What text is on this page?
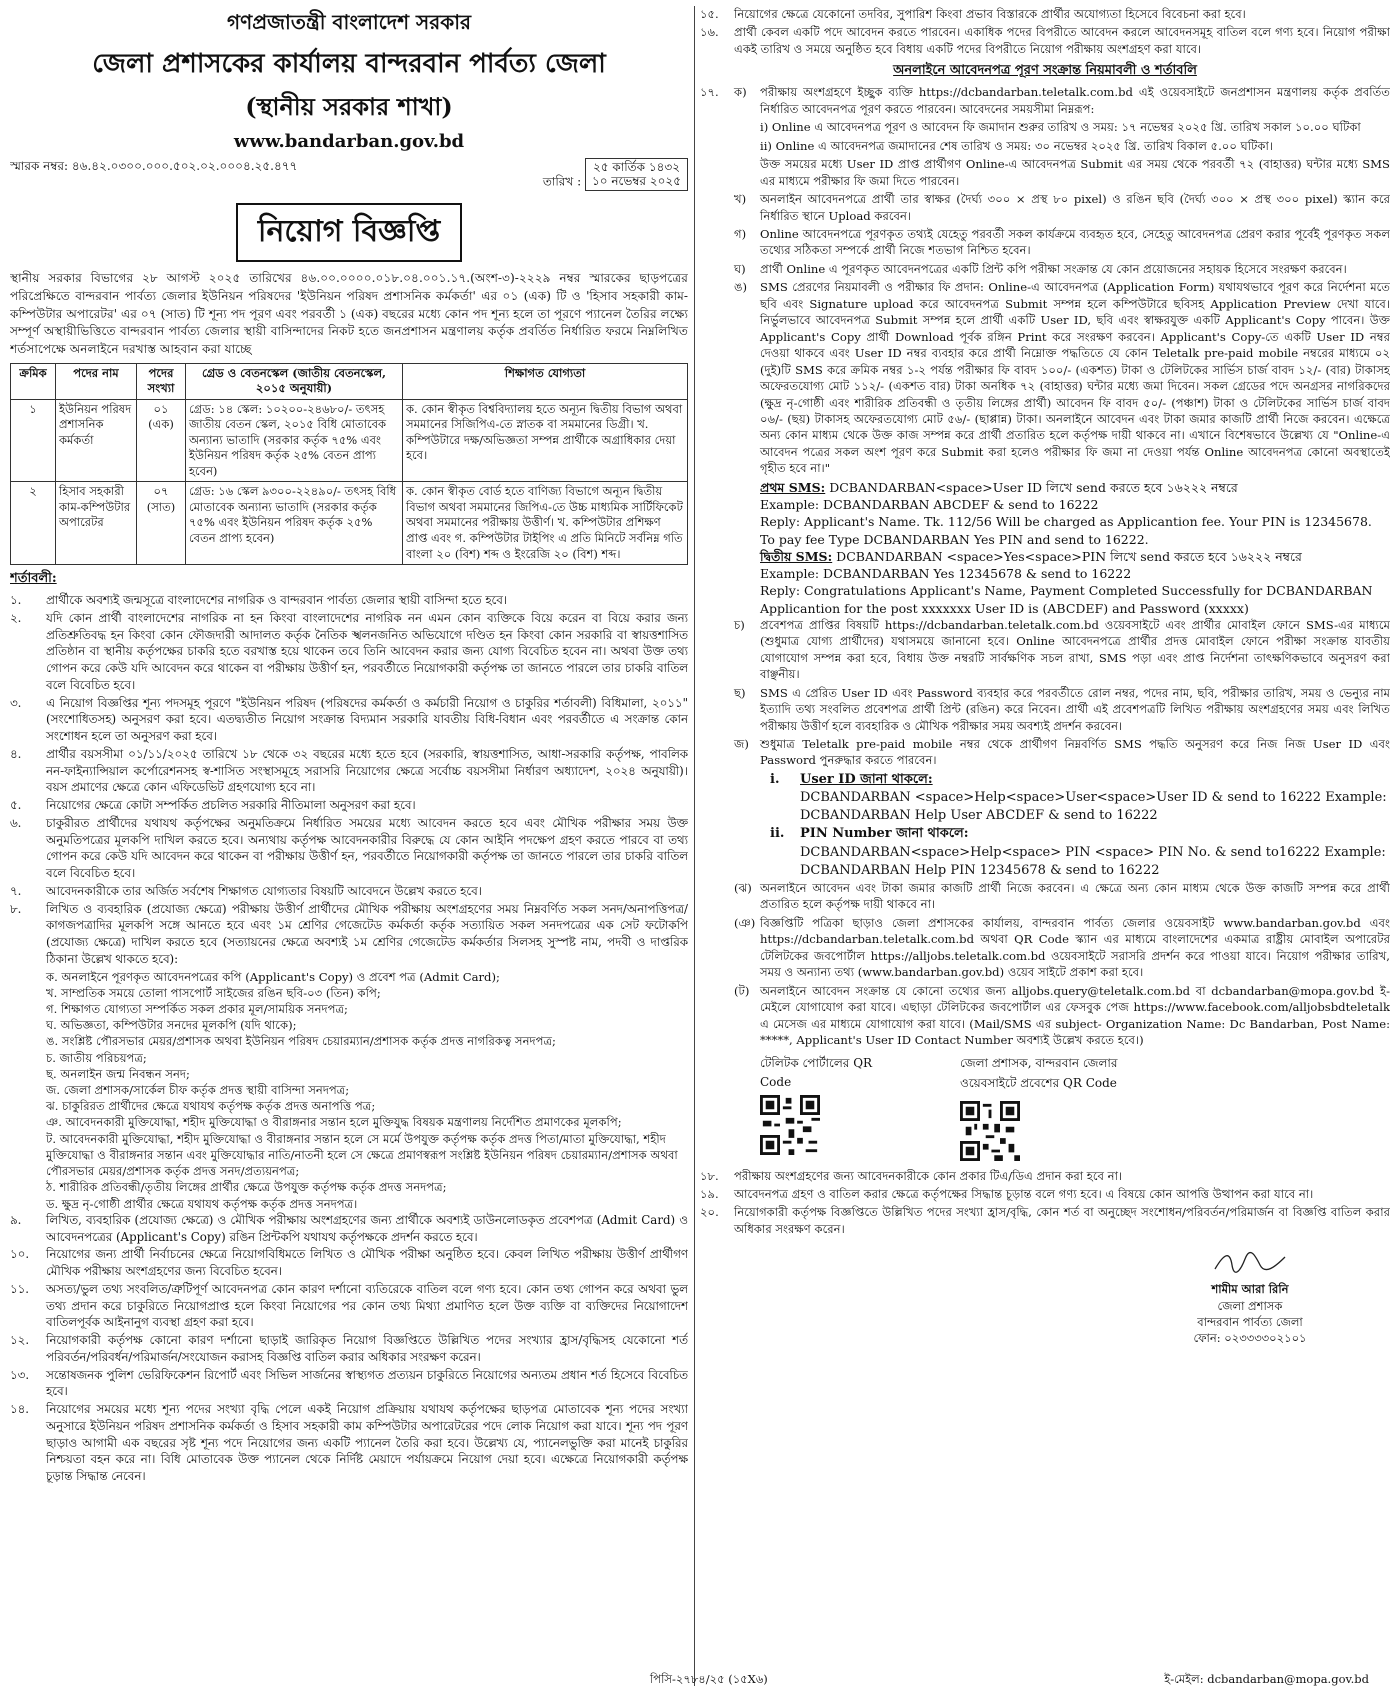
গণপ্রজাতন্ত্রী বাংলাদেশ সরকার
জেলা প্রশাসকের কার্যালয় বান্দরবান পার্বত্য জেলা
(স্থানীয় সরকার শাখা)
www.bandarban.gov.bd
স্মারক নম্বর: ৪৬.৪২.০৩০০.০০০.৫০২.০২.০০০৪.২৫.৪৭৭
তারিখ : ২৫ কার্তিক ১৪৩২
১০ নভেম্বর ২০২৫
নিয়োগ বিজ্ঞপ্তি

স্থানীয় সরকার বিভাগের ২৮ আগস্ট ২০২৫ তারিখের ৪৬.০০.০০০০.০১৮.০৪.০০১.১৭.(অংশ-৩)-২২২৯ নম্বর স্মারকের ছাড়পত্রের পরিপ্রেক্ষিতে বান্দরবান পার্বত্য জেলার ইউনিয়ন পরিষদের 'ইউনিয়ন পরিষদ প্রশাসনিক কর্মকর্তা' এর ০১ (এক) টি ও 'হিসাব সহকারী কাম-কম্পিউটার অপারেটর' এর ০৭ (সাত) টি শূন্য পদ পূরণ এবং পরবর্তী ১ (এক) বছরের মধ্যে কোন পদ শূন্য হলে তা পূরণে প্যানেল তৈরির লক্ষ্যে সম্পূর্ণ অস্থায়ীভিত্তিতে বান্দরবান পার্বত্য জেলার স্থায়ী বাসিন্দাদের নিকট হতে জনপ্রশাসন মন্ত্রণালয় কর্তৃক প্রবর্তিত নির্ধারিত ফরমে নিম্নলিখিত শর্তসাপেক্ষে অনলাইনে দরখাস্ত আহবান করা যাচ্ছে

ক্রমিক	পদের নাম	পদের সংখ্যা	গ্রেড ও বেতনস্কেল (জাতীয় বেতনস্কেল, ২০১৫ অনুযায়ী)	শিক্ষাগত যোগ্যতা
১	ইউনিয়ন পরিষদ প্রশাসনিক কর্মকর্তা	০১ (এক)	গ্রেড: ১৪ স্কেল: ১০২০০-২৪৬৮০/- তৎসহ জাতীয় বেতন স্কেল, ২০১৫ বিধি মোতাবেক অন্যান্য ভাতাদি (সরকার কর্তৃক ৭৫% এবং ইউনিয়ন পরিষদ কর্তৃক ২৫% বেতন প্রাপ্য হবেন)	ক. কোন স্বীকৃত বিশ্ববিদ্যালয় হতে অন্যূন দ্বিতীয় বিভাগ অথবা সমমানের সিজিপিএ-তে স্নাতক বা সমমানের ডিগ্রী। খ. কম্পিউটারে দক্ষ/অভিজ্ঞতা সম্পন্ন প্রার্থীকে অগ্রাধিকার দেয়া হবে।
২	হিসাব সহকারী কাম-কম্পিউটার অপারেটর	০৭ (সাত)	গ্রেড: ১৬ স্কেল ৯৩০০-২২৪৯০/- তৎসহ বিধি মোতাবেক অন্যান্য ভাতাদি (সরকার কর্তৃক ৭৫% এবং ইউনিয়ন পরিষদ কর্তৃক ২৫% বেতন প্রাপ্য হবেন)	ক. কোন স্বীকৃত বোর্ড হতে বাণিজ্য বিভাগে অন্যূন দ্বিতীয় বিভাগ অথবা সমমানের জিপিএ-তে উচ্চ মাধ্যমিক সার্টিফিকেট অথবা সমমানের পরীক্ষায় উত্তীর্ণ। খ. কম্পিউটার প্রশিক্ষণ প্রাপ্ত এবং গ. কম্পিউটার টাইপিং এ প্রতি মিনিটে সর্বনিম্ন গতি বাংলা ২০ (বিশ) শব্দ ও ইংরেজি ২০ (বিশ) শব্দ।
শর্তাবলী:
১.	প্রার্থীকে অবশ্যই জন্মসূত্রে বাংলাদেশের নাগরিক ও বান্দরবান পার্বত্য জেলার স্থায়ী বাসিন্দা হতে হবে।
২.	যদি কোন প্রার্থী বাংলাদেশের নাগরিক না হন কিংবা বাংলাদেশের নাগরিক নন এমন কোন ব্যক্তিকে বিয়ে করেন বা বিয়ে করার জন্য প্রতিশ্রুতিবদ্ধ হন কিংবা কোন ফৌজদারী আদালত কর্তৃক নৈতিক স্খলনজনিত অভিযোগে দণ্ডিত হন কিংবা কোন সরকারি বা স্বায়ত্তশাসিত প্রতিষ্ঠান বা স্থানীয় কর্তৃপক্ষের চাকরি হতে বরখাস্ত হয়ে থাকেন তবে তিনি আবেদন করার জন্য যোগ্য বিবেচিত হবেন না। অথবা উক্ত তথ্য গোপন করে কেউ যদি আবেদন করে থাকেন বা পরীক্ষায় উত্তীর্ণ হন, পরবর্তীতে নিয়োগকারী কর্তৃপক্ষ তা জানতে পারলে তার চাকরি বাতিল বলে বিবেচিত হবে।
৩.	এ নিয়োগ বিজ্ঞপ্তির শূন্য পদসমূহ পূরণে "ইউনিয়ন পরিষদ (পরিষদের কর্মকর্তা ও কর্মচারী নিয়োগ ও চাকুরির শর্তাবলী) বিধিমালা, ২০১১" (সংশোধিতসহ) অনুসরণ করা হবে। এতদ্ব্যতীত নিয়োগ সংক্রান্ত বিদ্যমান সরকারি যাবতীয় বিধি-বিধান এবং পরবর্তীতে এ সংক্রান্ত কোন সংশোধন হলে তা অনুসরণ করা হবে।
৪.	প্রার্থীর বয়সসীমা ০১/১১/২০২৫ তারিখে ১৮ থেকে ৩২ বছরের মধ্যে হতে হবে (সরকারি, স্বায়ত্তশাসিত, আধা-সরকারি কর্তৃপক্ষ, পাবলিক নন-ফাইন্যান্সিয়াল কর্পোরেশনসহ স্ব-শাসিত সংস্থাসমূহে সরাসরি নিয়োগের ক্ষেত্রে সর্বোচ্চ বয়সসীমা নির্ধারণ অধ্যাদেশ, ২০২৪ অনুযায়ী)। বয়স প্রমাণের ক্ষেত্রে কোন এফিডেভিট গ্রহণযোগ্য হবে না।
৫.	নিয়োগের ক্ষেত্রে কোটা সম্পর্কিত প্রচলিত সরকারি নীতিমালা অনুসরণ করা হবে।
৬.	চাকুরীরত প্রার্থীদের যথাযথ কর্তৃপক্ষের অনুমতিক্রমে নির্ধারিত সময়ের মধ্যে আবেদন করতে হবে এবং মৌখিক পরীক্ষার সময় উক্ত অনুমতিপত্রের মূলকপি দাখিল করতে হবে। অন্যথায় কর্তৃপক্ষ আবেদনকারীর বিরুদ্ধে যে কোন আইনি পদক্ষেপ গ্রহণ করতে পারবে বা তথ্য গোপন করে কেউ যদি আবেদন করে থাকেন বা পরীক্ষায় উত্তীর্ণ হন, পরবর্তীতে নিয়োগকারী কর্তৃপক্ষ তা জানতে পারলে তার চাকরি বাতিল বলে বিবেচিত হবে।
৭.	আবেদনকারীকে তার অর্জিত সর্বশেষ শিক্ষাগত যোগ্যতার বিষয়টি আবেদনে উল্লেখ করতে হবে।
৮.	লিখিত ও ব্যবহারিক (প্রযোজ্য ক্ষেত্রে) পরীক্ষায় উত্তীর্ণ প্রার্থীদের মৌখিক পরীক্ষায় অংশগ্রহণের সময় নিম্নবর্ণিত সকল সনদ/অনাপত্তিপত্র/কাগজপত্রাদির মূলকপি সঙ্গে আনতে হবে এবং ১ম শ্রেণির গেজেটেড কর্মকর্তা কর্তৃক সত্যায়িত সকল সনদপত্রের এক সেট ফটোকপি (প্রযোজ্য ক্ষেত্রে) দাখিল করতে হবে (সত্যায়নের ক্ষেত্রে অবশ্যই ১ম শ্রেণির গেজেটেড কর্মকর্তার সিলসহ সুস্পষ্ট নাম, পদবী ও দাপ্তরিক ঠিকানা উল্লেখ থাকতে হবে):
ক. অনলাইনে পূরণকৃত আবেদনপত্রের কপি (Applicant's Copy) ও প্রবেশ পত্র (Admit Card);
খ. সাম্প্রতিক সময়ে তোলা পাসপোর্ট সাইজের রঙিন ছবি-০৩ (তিন) কপি;
গ. শিক্ষাগত যোগ্যতা সম্পর্কিত সকল প্রকার মূল/সাময়িক সনদপত্র;
ঘ. অভিজ্ঞতা, কম্পিউটার সনদের মূলকপি (যদি থাকে);
ঙ. সংশ্লিষ্ট পৌরসভার মেয়র/প্রশাসক অথবা ইউনিয়ন পরিষদ চেয়ারম্যান/প্রশাসক কর্তৃক প্রদত্ত নাগরিকত্ব সনদপত্র;
চ. জাতীয় পরিচয়পত্র;
ছ. অনলাইন জন্ম নিবন্ধন সনদ;
জ. জেলা প্রশাসক/সার্কেল চীফ কর্তৃক প্রদত্ত স্থায়ী বাসিন্দা সনদপত্র;
ঝ. চাকুরিরত প্রার্থীদের ক্ষেত্রে যথাযথ কর্তৃপক্ষ কর্তৃক প্রদত্ত অনাপত্তি পত্র;
ঞ. আবেদনকারী মুক্তিযোদ্ধা, শহীদ মুক্তিযোদ্ধা ও বীরাঙ্গনার সন্তান হলে মুক্তিযুদ্ধ বিষয়ক মন্ত্রণালয় নির্দেশিত প্রমাণকের মূলকপি;
ট. আবেদনকারী মুক্তিযোদ্ধা, শহীদ মুক্তিযোদ্ধা ও বীরাঙ্গনার সন্তান হলে সে মর্মে উপযুক্ত কর্তৃপক্ষ কর্তৃক প্রদত্ত পিতা/মাতা মুক্তিযোদ্ধা, শহীদ মুক্তিযোদ্ধা ও বীরাঙ্গনার সন্তান এবং মুক্তিযোদ্ধার নাতি/নাতনী হলে সে ক্ষেত্রে প্রমাণস্বরূপ সংশ্লিষ্ট ইউনিয়ন পরিষদ চেয়ারম্যান/প্রশাসক অথবা পৌরসভার মেয়র/প্রশাসক কর্তৃক প্রদত্ত সনদ/প্রত্যয়নপত্র;
ঠ. শারীরিক প্রতিবন্ধী/তৃতীয় লিঙ্গের প্রার্থীর ক্ষেত্রে উপযুক্ত কর্তৃপক্ষ কর্তৃক প্রদত্ত সনদপত্র;
ড. ক্ষুদ্র নৃ-গোষ্ঠী প্রার্থীর ক্ষেত্রে যথাযথ কর্তৃপক্ষ কর্তৃক প্রদত্ত সনদপত্র।
৯.	লিখিত, ব্যবহারিক (প্রযোজ্য ক্ষেত্রে) ও মৌখিক পরীক্ষায় অংশগ্রহণের জন্য প্রার্থীকে অবশ্যই ডাউনলোডকৃত প্রবেশপত্র (Admit Card) ও আবেদনপত্রের (Applicant's Copy) রঙিন প্রিন্টকপি যথাযথ কর্তৃপক্ষকে প্রদর্শন করতে হবে।
১০.	নিয়োগের জন্য প্রার্থী নির্বাচনের ক্ষেত্রে নিয়োগবিধিমতে লিখিত ও মৌখিক পরীক্ষা অনুষ্ঠিত হবে। কেবল লিখিত পরীক্ষায় উত্তীর্ণ প্রার্থীগণ মৌখিক পরীক্ষায় অংশগ্রহণের জন্য বিবেচিত হবেন।
১১.	অসত্য/ভুল তথ্য সংবলিত/ত্রুটিপূর্ণ আবেদনপত্র কোন কারণ দর্শানো ব্যতিরেকে বাতিল বলে গণ্য হবে। কোন তথ্য গোপন করে অথবা ভুল তথ্য প্রদান করে চাকুরিতে নিয়োগপ্রাপ্ত হলে কিংবা নিয়োগের পর কোন তথ্য মিথ্যা প্রমাণিত হলে উক্ত ব্যক্তি বা ব্যক্তিদের নিয়োগাদেশ বাতিলপূর্বক আইনানুগ ব্যবস্থা গ্রহণ করা হবে।
১২.	নিয়োগকারী কর্তৃপক্ষ কোনো কারণ দর্শানো ছাড়াই জারিকৃত নিয়োগ বিজ্ঞপ্তিতে উল্লিখিত পদের সংখ্যার হ্রাস/বৃদ্ধিসহ যেকোনো শর্ত পরিবর্তন/পরিবর্ধন/পরিমার্জন/সংযোজন করাসহ বিজ্ঞপ্তি বাতিল করার অধিকার সংরক্ষণ করেন।
১৩.	সন্তোষজনক পুলিশ ভেরিফিকেশন রিপোর্ট এবং সিভিল সার্জনের স্বাস্থ্যগত প্রত্যয়ন চাকুরিতে নিয়োগের অন্যতম প্রধান শর্ত হিসেবে বিবেচিত হবে।
১৪.	নিয়োগের সময়ের মধ্যে শূন্য পদের সংখ্যা বৃদ্ধি পেলে একই নিয়োগ প্রক্রিয়ায় যথাযথ কর্তৃপক্ষের ছাড়পত্র মোতাবেক শূন্য পদের সংখ্যা অনুসারে ইউনিয়ন পরিষদ প্রশাসনিক কর্মকর্তা ও হিসাব সহকারী কাম কম্পিউটার অপারেটরের পদে লোক নিয়োগ করা যাবে। শূন্য পদ পূরণ ছাড়াও আগামী এক বছরের সৃষ্ট শূন্য পদে নিয়োগের জন্য একটি প্যানেল তৈরি করা হবে। উল্লেখ্য যে, প্যানেলভুক্তি করা মানেই চাকুরির নিশ্চয়তা বহন করে না। বিধি মোতাবেক উক্ত প্যানেল থেকে নির্দিষ্ট মেয়াদে পর্যায়ক্রমে নিয়োগ দেয়া হবে। এক্ষেত্রে নিয়োগকারী কর্তৃপক্ষ চূড়ান্ত সিদ্ধান্ত নেবেন।
১৫.	নিয়োগের ক্ষেত্রে যেকোনো তদবির, সুপারিশ কিংবা প্রভাব বিস্তারকে প্রার্থীর অযোগ্যতা হিসেবে বিবেচনা করা হবে।
১৬.	প্রার্থী কেবল একটি পদে আবেদন করতে পারবেন। একাধিক পদের বিপরীতে আবেদন করলে আবেদনসমূহ বাতিল বলে গণ্য হবে। নিয়োগ পরীক্ষা একই তারিখ ও সময়ে অনুষ্ঠিত হবে বিধায় একটি পদের বিপরীতে নিয়োগ পরীক্ষায় অংশগ্রহণ করা যাবে।
অনলাইনে আবেদনপত্র পূরণ সংক্রান্ত নিয়মাবলী ও শর্তাবলি
১৭.	ক)	পরীক্ষায় অংশগ্রহণে ইচ্ছুক ব্যক্তি https://dcbandarban.teletalk.com.bd এই ওয়েবসাইটে জনপ্রশাসন মন্ত্রণালয় কর্তৃক প্রবর্তিত নির্ধারিত আবেদনপত্র পূরণ করতে পারবেন। আবেদনের সময়সীমা নিম্নরূপ:
i) Online এ আবেদনপত্র পূরণ ও আবেদন ফি জমাদান শুরুর তারিখ ও সময়: ১৭ নভেম্বর ২০২৫ খ্রি. তারিখ সকাল ১০.০০ ঘটিকা
ii) Online এ আবেদনপত্র জমাদানের শেষ তারিখ ও সময়: ৩০ নভেম্বর ২০২৫ খ্রি. তারিখ বিকাল ৫.০০ ঘটিকা।
উক্ত সময়ের মধ্যে User ID প্রাপ্ত প্রার্থীগণ Online-এ আবেদনপত্র Submit এর সময় থেকে পরবর্তী ৭২ (বাহাত্তর) ঘন্টার মধ্যে SMS এর মাধ্যমে পরীক্ষার ফি জমা দিতে পারবেন।
খ)	অনলাইন আবেদনপত্রে প্রার্থী তার স্বাক্ষর (দৈর্ঘ্য ৩০০ × প্রস্থ ৮০ pixel) ও রঙিন ছবি (দৈর্ঘ্য ৩০০ × প্রস্থ ৩০০ pixel) স্ক্যান করে নির্ধারিত স্থানে Upload করবেন।
গ)	Online আবেদনপত্রে পূরণকৃত তথ্যই যেহেতু পরবর্তী সকল কার্যক্রমে ব্যবহৃত হবে, সেহেতু আবেদনপত্র প্রেরণ করার পূর্বেই পূরণকৃত সকল তথ্যের সঠিকতা সম্পর্কে প্রার্থী নিজে শতভাগ নিশ্চিত হবেন।
ঘ)	প্রার্থী Online এ পূরণকৃত আবেদনপত্রের একটি প্রিন্ট কপি পরীক্ষা সংক্রান্ত যে কোন প্রয়োজনের সহায়ক হিসেবে সংরক্ষণ করবেন।
ঙ)	SMS প্রেরণের নিয়মাবলী ও পরীক্ষার ফি প্রদান: Online-এ আবেদনপত্র (Application Form) যথাযথভাবে পূরণ করে নির্দেশনা মতে ছবি এবং Signature upload করে আবেদনপত্র Submit সম্পন্ন হলে কম্পিউটারে ছবিসহ Application Preview দেখা যাবে। নির্ভুলভাবে আবেদনপত্র Submit সম্পন্ন হলে প্রার্থী একটি User ID, ছবি এবং স্বাক্ষরযুক্ত একটি Applicant's Copy পাবেন। উক্ত Applicant's Copy প্রার্থী Download পূর্বক রঙ্গিন Print করে সংরক্ষণ করবেন। Applicant's Copy-তে একটি User ID নম্বর দেওয়া থাকবে এবং User ID নম্বর ব্যবহার করে প্রার্থী নিম্নোক্ত পদ্ধতিতে যে কোন Teletalk pre-paid mobile নম্বরের মাধ্যমে ০২ (দুই)টি SMS করে ক্রমিক নম্বর ১-২ পর্যন্ত পরীক্ষার ফি বাবদ ১০০/- (একশত) টাকা ও টেলিটকের সার্ভিস চার্জ বাবদ ১২/- (বার) টাকাসহ অফেরতযোগ্য মোট ১১২/- (একশত বার) টাকা অনধিক ৭২ (বাহাত্তর) ঘন্টার মধ্যে জমা দিবেন। সকল গ্রেডের পদে অনগ্রসর নাগরিকদের (ক্ষুদ্র নৃ-গোষ্ঠী এবং শারীরিক প্রতিবন্ধী ও তৃতীয় লিঙ্গের প্রার্থী) আবেদন ফি বাবদ ৫০/- (পঞ্চাশ) টাকা ও টেলিটকের সার্ভিস চার্জ বাবদ ০৬/- (ছয়) টাকাসহ অফেরতযোগ্য মোট ৫৬/- (ছাপ্পান্ন) টাকা। অনলাইনে আবেদন এবং টাকা জমার কাজটি প্রার্থী নিজে করবেন। এক্ষেত্রে অন্য কোন মাধ্যম থেকে উক্ত কাজ সম্পন্ন করে প্রার্থী প্রতারিত হলে কর্তৃপক্ষ দায়ী থাকবে না। এখানে বিশেষভাবে উল্লেখ্য যে "Online-এ আবেদন পত্রের সকল অংশ পূরণ করে Submit করা হলেও পরীক্ষার ফি জমা না দেওয়া পর্যন্ত Online আবেদনপত্র কোনো অবস্থাতেই গৃহীত হবে না।"
প্রথম SMS: DCBANDARBAN<space>User ID লিখে send করতে হবে ১৬২২২ নম্বরে
Example: DCBANDARBAN ABCDEF & send to 16222
Reply: Applicant's Name. Tk. 112/56 Will be charged as Applicantion fee. Your PIN is 12345678. To pay fee Type DCBANDARBAN Yes PIN and send to 16222.
দ্বিতীয় SMS: DCBANDARBAN <space>Yes<space>PIN লিখে send করতে হবে ১৬২২২ নম্বরে
Example: DCBANDARBAN Yes 12345678 & send to 16222
Reply: Congratulations Applicant's Name, Payment Completed Successfully for DCBANDARBAN Applicantion for the post xxxxxxx User ID is (ABCDEF) and Password (xxxxx)
চ)	প্রবেশপত্র প্রাপ্তির বিষয়টি https://dcbandarban.teletalk.com.bd ওয়েবসাইটে এবং প্রার্থীর মোবাইল ফোনে SMS-এর মাধ্যমে (শুধুমাত্র যোগ্য প্রার্থীদের) যথাসময়ে জানানো হবে। Online আবেদনপত্রে প্রার্থীর প্রদত্ত মোবাইল ফোনে পরীক্ষা সংক্রান্ত যাবতীয় যোগাযোগ সম্পন্ন করা হবে, বিধায় উক্ত নম্বরটি সার্বক্ষণিক সচল রাখা, SMS পড়া এবং প্রাপ্ত নির্দেশনা তাৎক্ষণিকভাবে অনুসরণ করা বাঞ্ছনীয়।
ছ)	SMS এ প্রেরিত User ID এবং Password ব্যবহার করে পরবর্তীতে রোল নম্বর, পদের নাম, ছবি, পরীক্ষার তারিখ, সময় ও ভেন্যুর নাম ইত্যাদি তথ্য সংবলিত প্রবেশপত্র প্রার্থী প্রিন্ট (রঙিন) করে নিবেন। প্রার্থী এই প্রবেশপত্রটি লিখিত পরীক্ষায় অংশগ্রহণের সময় এবং লিখিত পরীক্ষায় উত্তীর্ণ হলে ব্যবহারিক ও মৌখিক পরীক্ষার সময় অবশ্যই প্রদর্শন করবেন।
জ) শুধুমাত্র Teletalk pre-paid mobile নম্বর থেকে প্রার্থীগণ নিম্নবর্ণিত SMS পদ্ধতি অনুসরণ করে নিজ নিজ User ID এবং Password পুনরুদ্ধার করতে পারবেন।
i.	User ID জানা থাকলে:
DCBANDARBAN <space>Help<space>User<space>User ID & send to 16222 Example: DCBANDARBAN Help User ABCDEF & send to 16222
ii.	PIN Number জানা থাকলে:
DCBANDARBAN<space>Help<space> PIN <space> PIN No. & send to16222 Example: DCBANDARBAN Help PIN 12345678 & send to 16222
(ঝ) অনলাইনে আবেদন এবং টাকা জমার কাজটি প্রার্থী নিজে করবেন। এ ক্ষেত্রে অন্য কোন মাধ্যম থেকে উক্ত কাজটি সম্পন্ন করে প্রার্থী প্রতারিত হলে কর্তৃপক্ষ দায়ী থাকবে না।
(ঞ) বিজ্ঞপ্তিটি পত্রিকা ছাড়াও জেলা প্রশাসকের কার্যালয়, বান্দরবান পার্বত্য জেলার ওয়েবসাইট www.bandarban.gov.bd এবং https://dcbandarban.teletalk.com.bd অথবা QR Code স্ক্যান এর মাধ্যমে বাংলাদেশের একমাত্র রাষ্ট্রীয় মোবাইল অপারেটর টেলিটকের জবপোর্টাল https://alljobs.teletalk.com.bd ওয়েবসাইটে সরাসরি প্রদর্শন করে পাওয়া যাবে। নিয়োগ পরীক্ষার তারিখ, সময় ও অন্যান্য তথ্য (www.bandarban.gov.bd) ওয়েব সাইটে প্রকাশ করা হবে।
(ট) অনলাইনে আবেদন সংক্রান্ত যে কোনো তথ্যের জন্য alljobs.query@teletalk.com.bd বা dcbandarban@mopa.gov.bd ই-মেইলে যোগাযোগ করা যাবে। এছাড়া টেলিটকের জবপোর্টাল এর ফেসবুক পেজ https://www.facebook.com/alljobsbdteletalk এ মেসেজ এর মাধ্যমে যোগাযোগ করা যাবে। (Mail/SMS এর subject- Organization Name: Dc Bandarban, Post Name: *****, Applicant's User ID Contact Number অবশ্যই উল্লেখ করতে হবে।)
টেলিটক পোর্টালের QR Code
জেলা প্রশাসক, বান্দরবান জেলার ওয়েবসাইটে প্রবেশের QR Code
১৮.	পরীক্ষায় অংশগ্রহণের জন্য আবেদনকারীকে কোন প্রকার টিএ/ডিএ প্রদান করা হবে না।
১৯.	আবেদনপত্র গ্রহণ ও বাতিল করার ক্ষেত্রে কর্তৃপক্ষের সিদ্ধান্ত চূড়ান্ত বলে গণ্য হবে। এ বিষয়ে কোন আপত্তি উত্থাপন করা যাবে না।
২০.	নিয়োগকারী কর্তৃপক্ষ বিজ্ঞপ্তিতে উল্লিখিত পদের সংখ্যা হ্রাস/বৃদ্ধি, কোন শর্ত বা অনুচ্ছেদ সংশোধন/পরিবর্তন/পরিমার্জন বা বিজ্ঞপ্তি বাতিল করার অধিকার সংরক্ষণ করেন।
শামীম আরা রিনি
জেলা প্রশাসক
বান্দরবান পার্বত্য জেলা
ফোন: ০২৩৩৩৩০২১০১
পিসি-২৭৮৪/২৫ (১৫X৬)	ই-মেইল: dcbandarban@mopa.gov.bd
